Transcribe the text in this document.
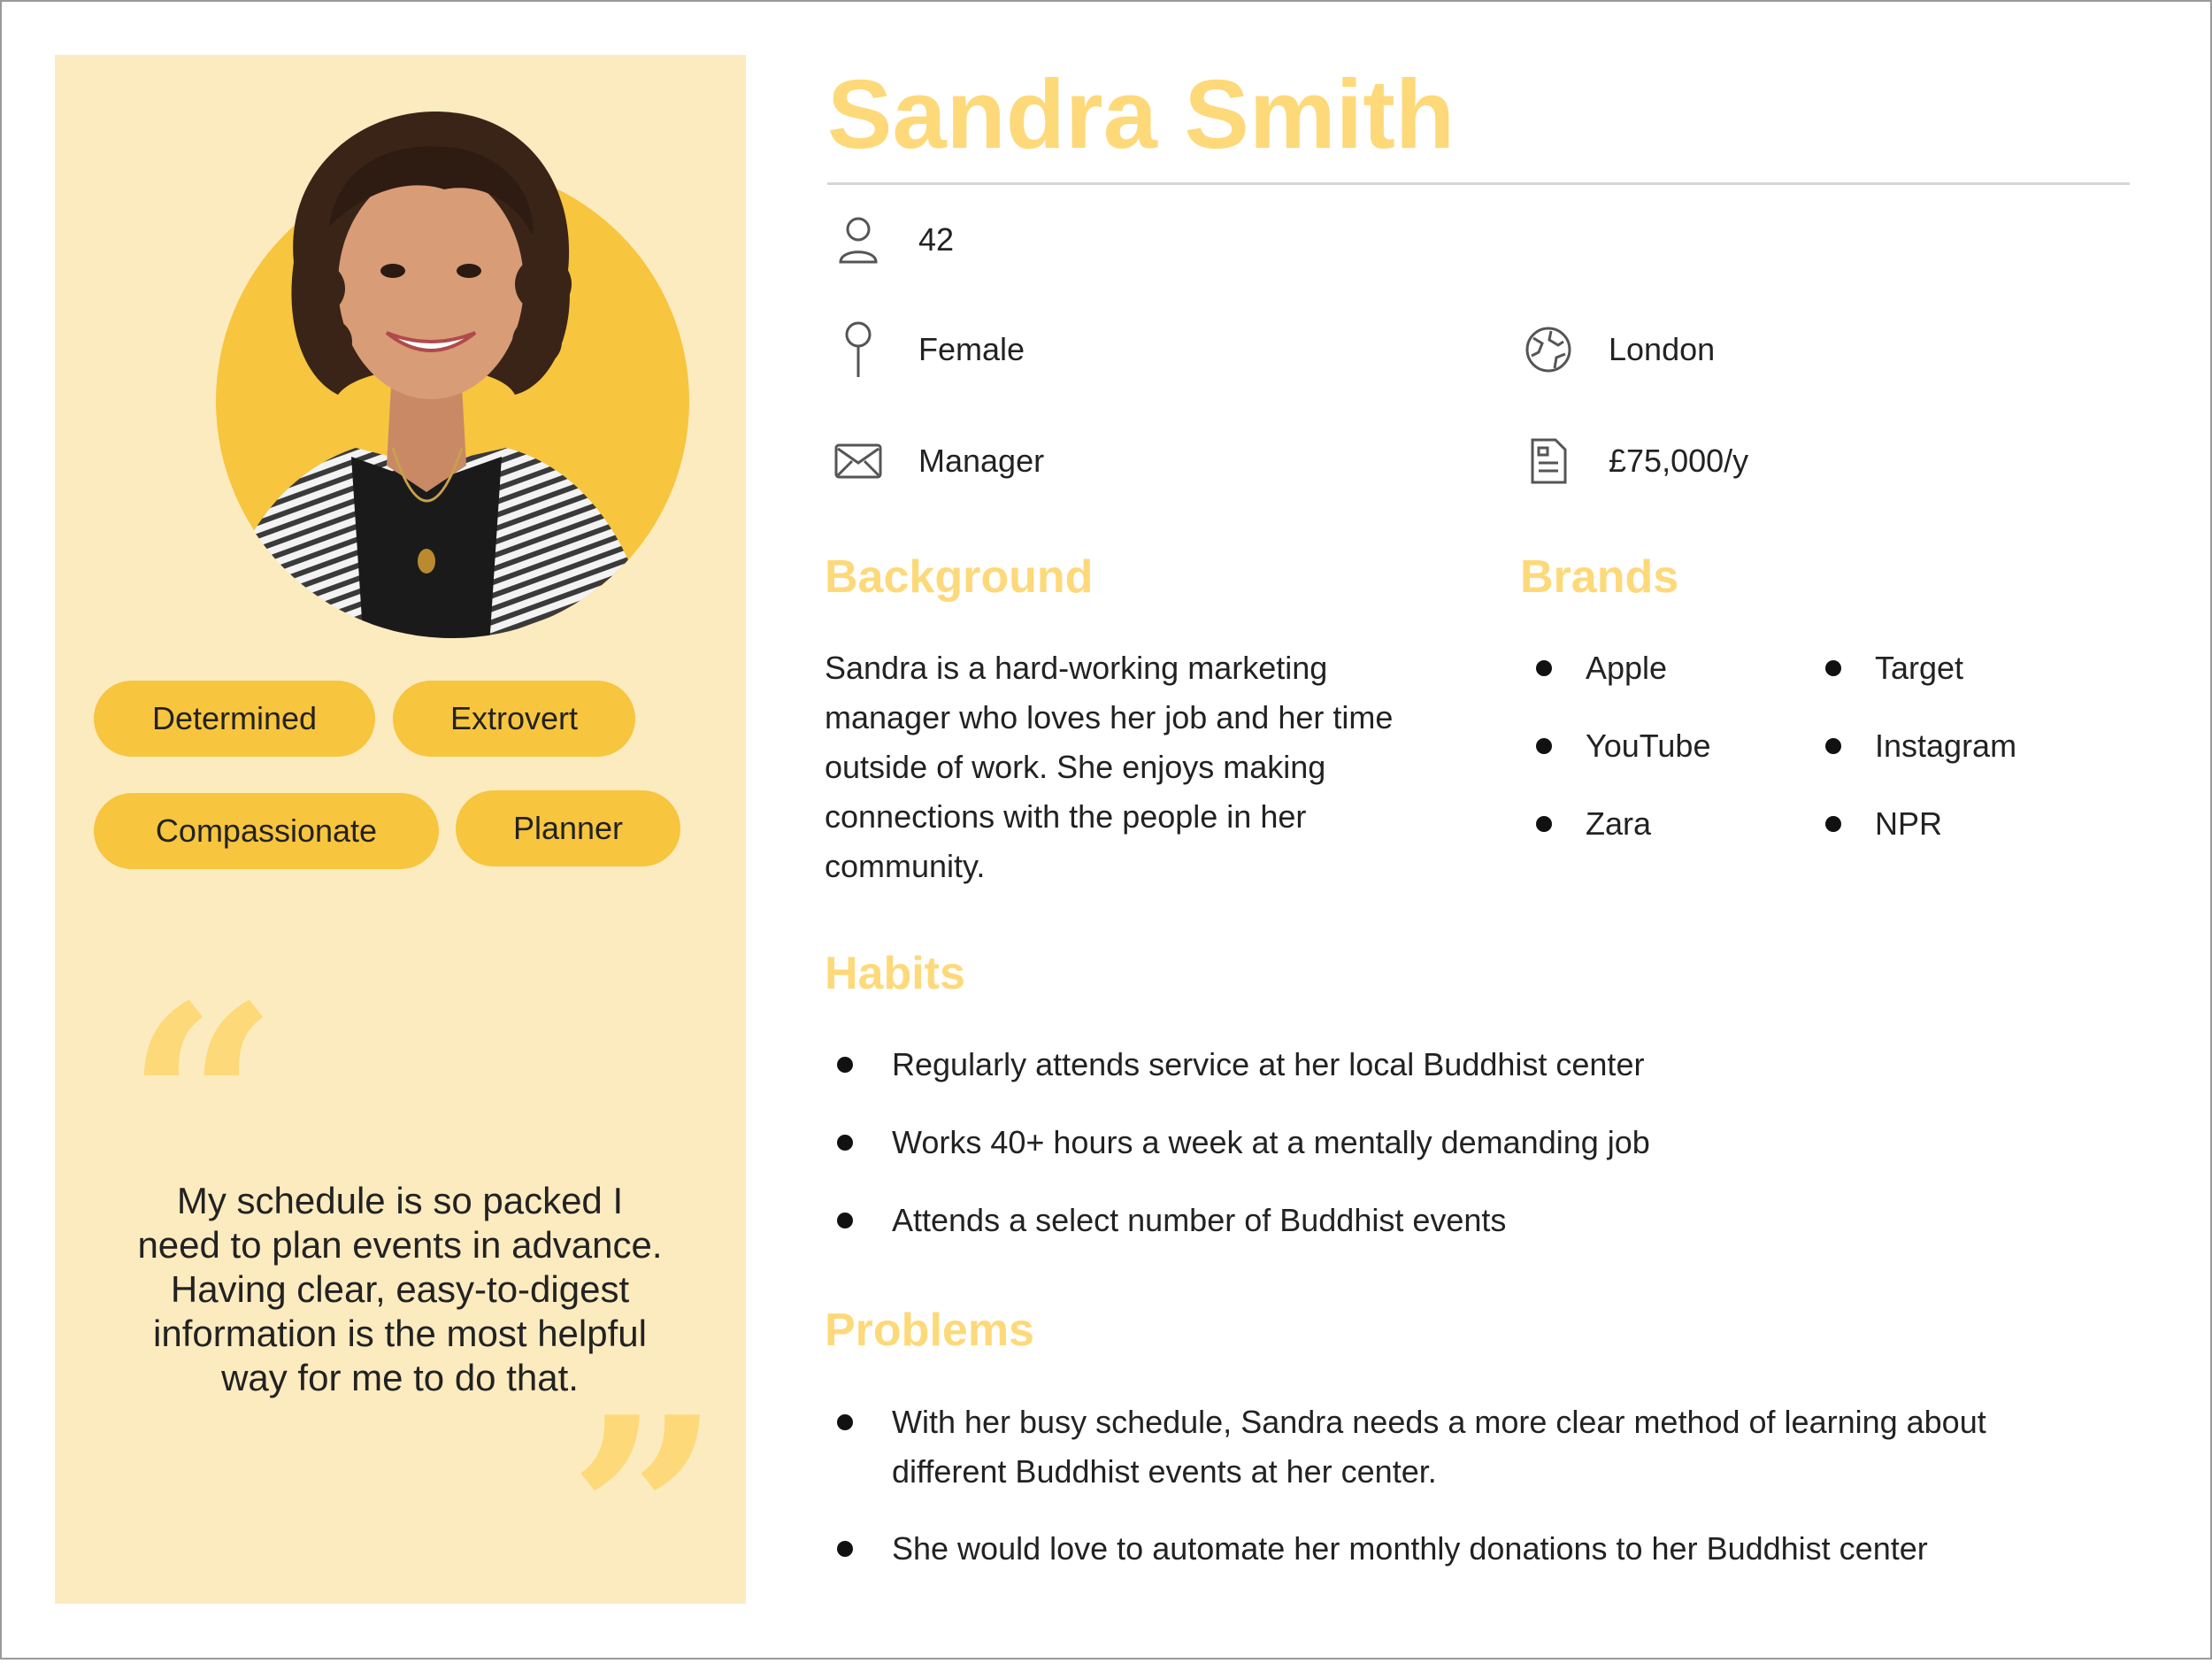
Determined	Extrovert
Compassionate	Planner
“
My schedule is so packed I need to plan events in advance. Having clear, easy-to-digest information is the most helpful way for me to do that.
”
Sandra Smith
42
Female	London
Manager	£75,000/y
Background
Sandra is a hard-working marketing manager who loves her job and her time outside of work. She enjoys making connections with the people in her community.
Brands
Apple	Target
YouTube	Instagram
Zara	NPR
Habits
Regularly attends service at her local Buddhist center
Works 40+ hours a week at a mentally demanding job
Attends a select number of Buddhist events
Problems
With her busy schedule, Sandra needs a more clear method of learning about different Buddhist events at her center.
She would love to automate her monthly donations to her Buddhist center
